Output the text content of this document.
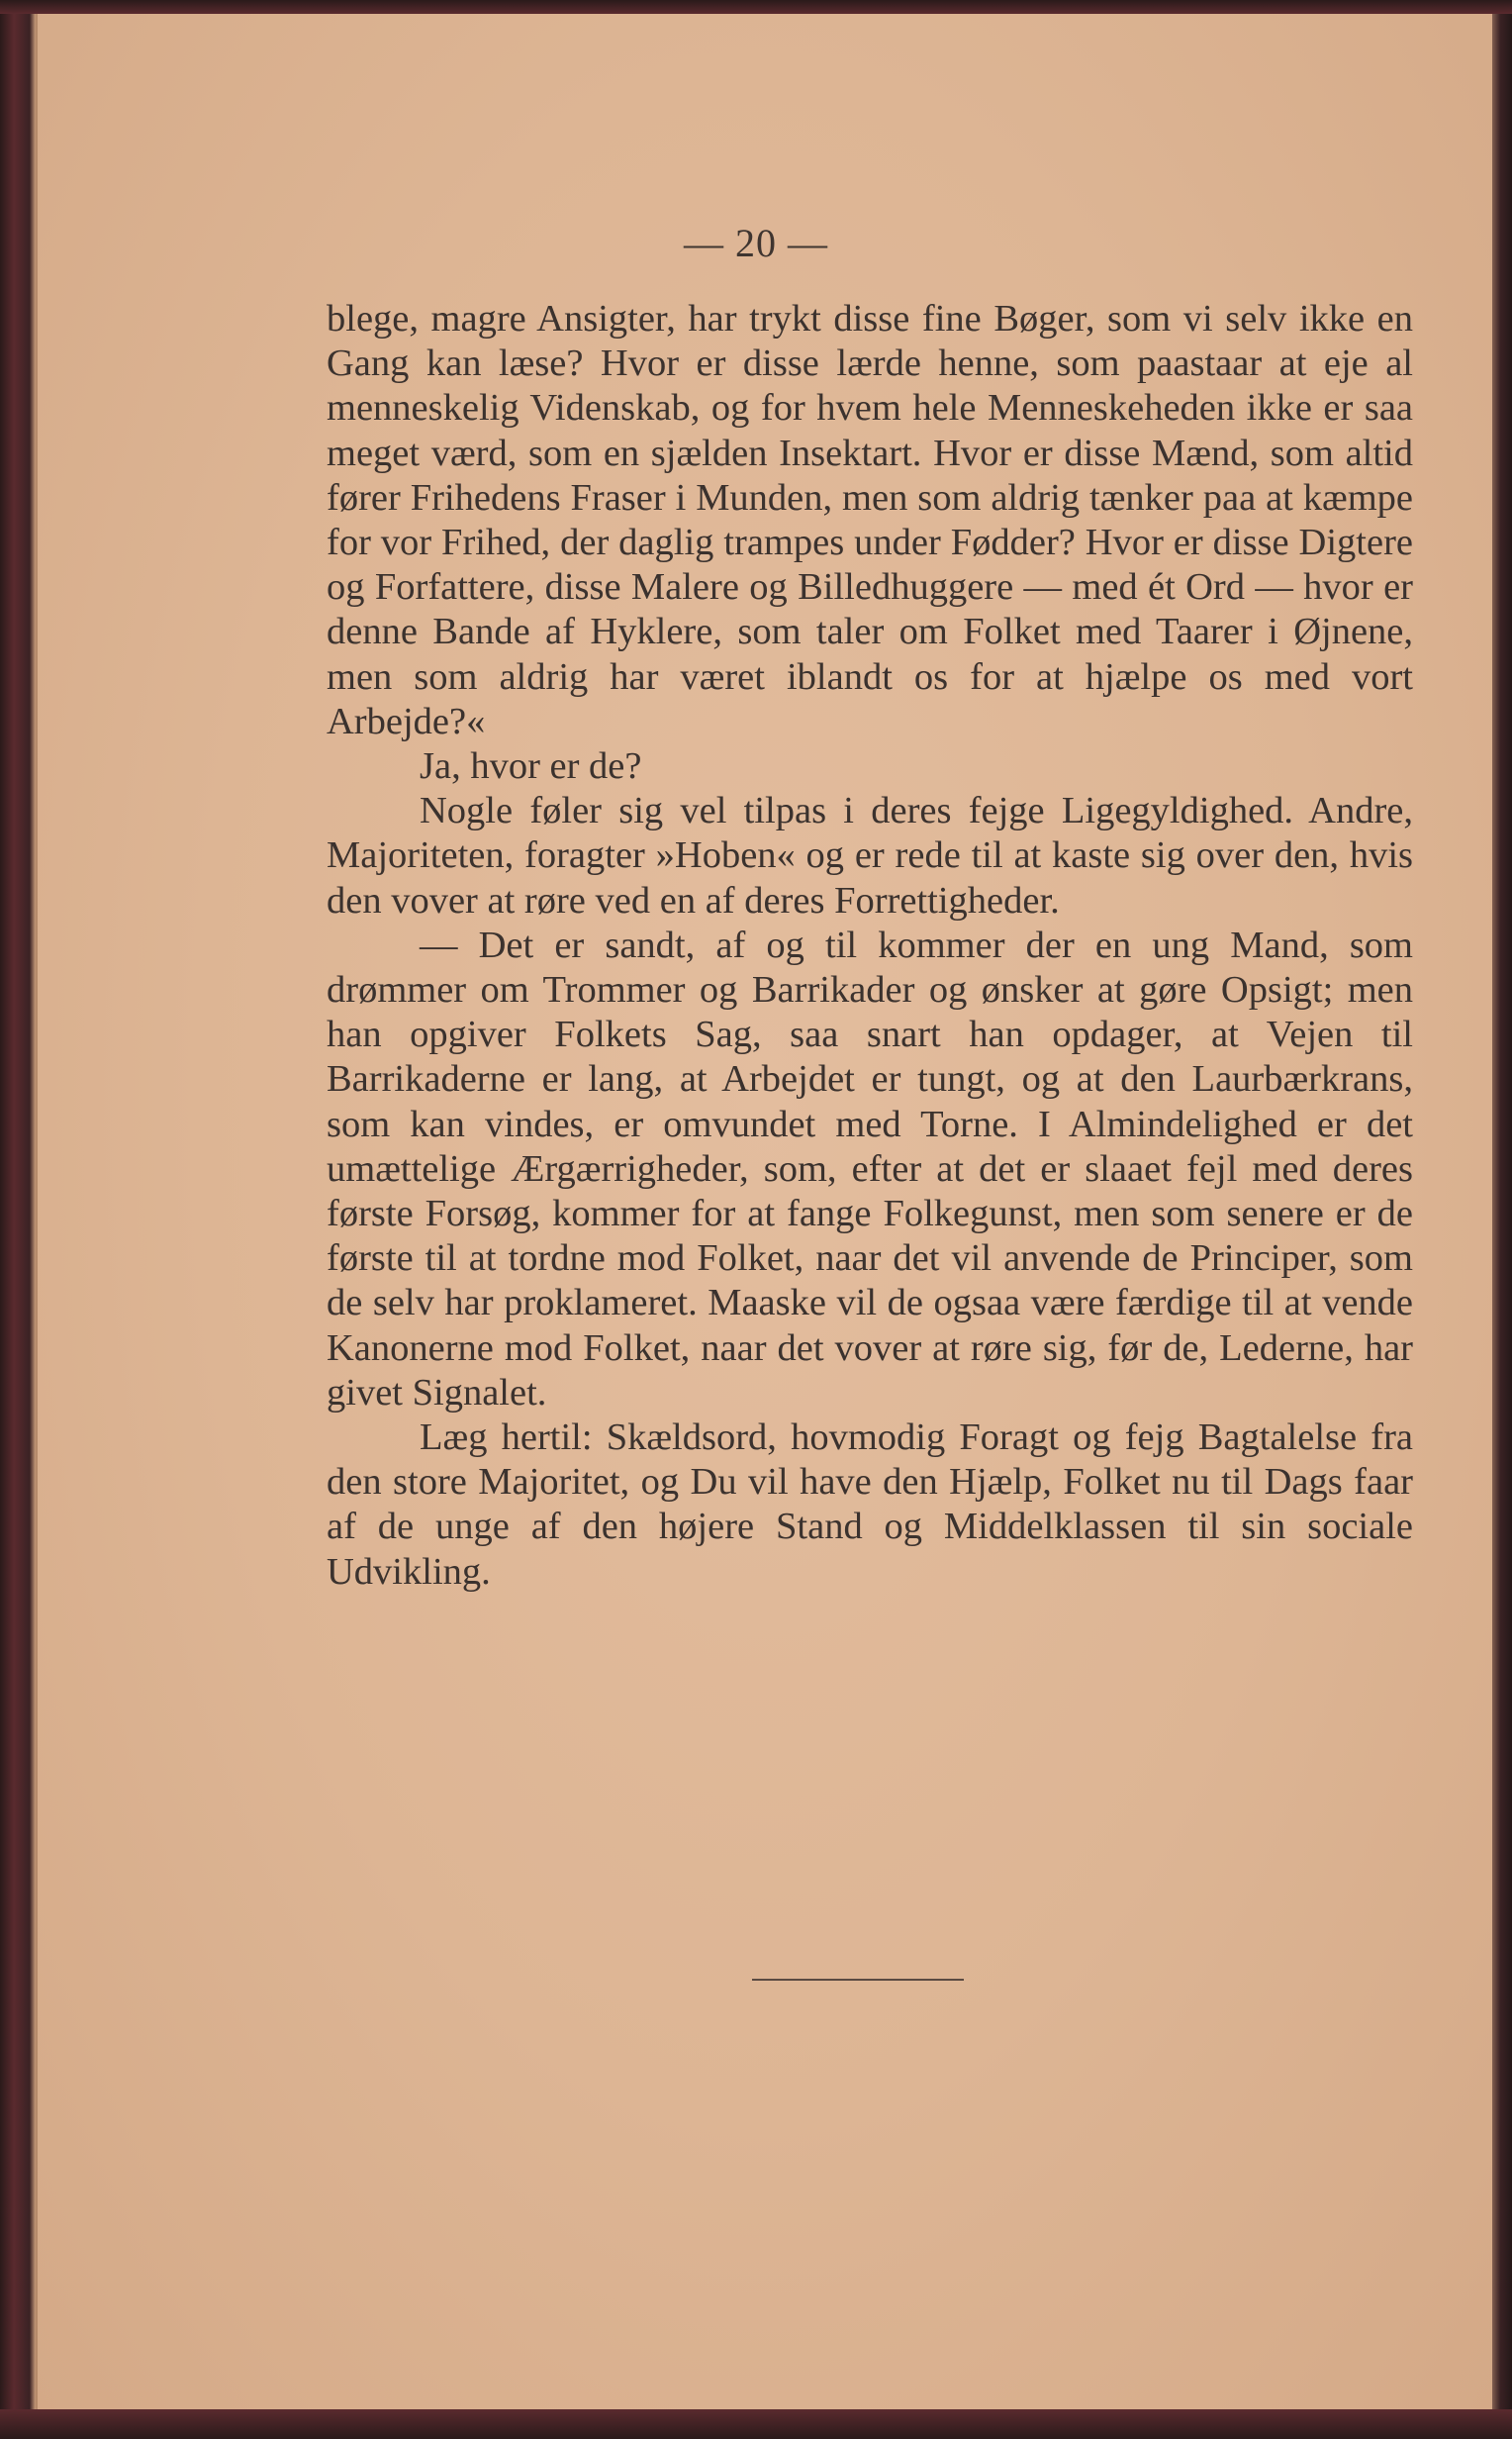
— 20 —

blege, magre Ansigter, har trykt disse fine Bøger, som vi selv ikke en Gang kan læse? Hvor er disse lærde henne, som paastaar at eje al menneskelig Videnskab, og for hvem hele Menneskeheden ikke er saa meget værd, som en sjælden Insektart. Hvor er disse Mænd, som altid fører Frihedens Fraser i Munden, men som aldrig tænker paa at kæmpe for vor Frihed, der daglig trampes under Fødder? Hvor er disse Digtere og Forfattere, disse Malere og Billedhuggere — med ét Ord — hvor er denne Bande af Hyklere, som taler om Folket med Taarer i Øjnene, men som aldrig har været iblandt os for at hjælpe os med vort Arbejde?«

Ja, hvor er de?

Nogle føler sig vel tilpas i deres fejge Ligegyldighed. Andre, Majoriteten, foragter »Hoben« og er rede til at kaste sig over den, hvis den vover at røre ved en af deres Forrettigheder.

— Det er sandt, af og til kommer der en ung Mand, som drømmer om Trommer og Barrikader og ønsker at gøre Opsigt; men han opgiver Folkets Sag, saa snart han opdager, at Vejen til Barrikaderne er lang, at Arbejdet er tungt, og at den Laurbærkrans, som kan vindes, er omvundet med Torne. I Almindelighed er det umættelige Ærgærrigheder, som, efter at det er slaaet fejl med deres første Forsøg, kommer for at fange Folkegunst, men som senere er de første til at tordne mod Folket, naar det vil anvende de Principer, som de selv har proklameret. Maaske vil de ogsaa være færdige til at vende Kanonerne mod Folket, naar det vover at røre sig, før de, Lederne, har givet Signalet.

Læg hertil: Skældsord, hovmodig Foragt og fejg Bagtalelse fra den store Majoritet, og Du vil have den Hjælp, Folket nu til Dags faar af de unge af den højere Stand og Middelklassen til sin sociale Udvikling.
